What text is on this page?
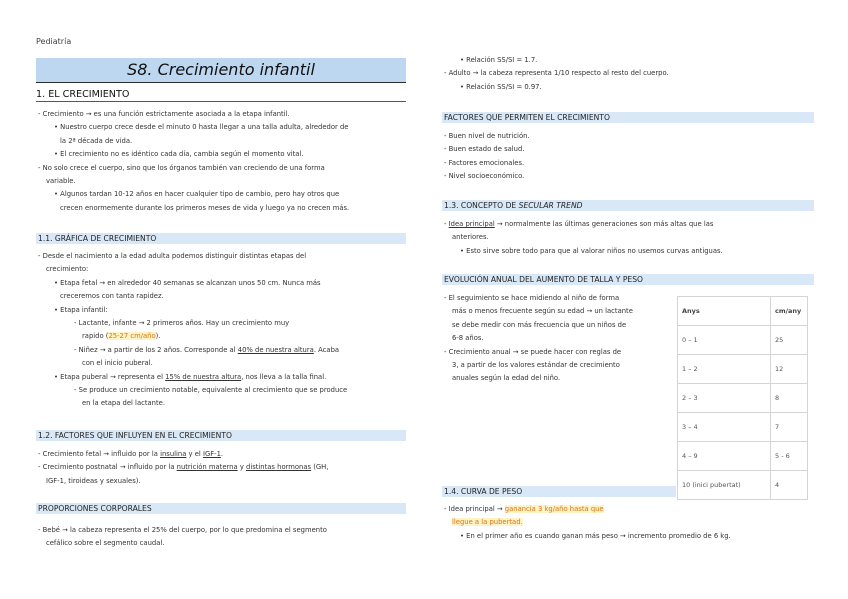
Pediatría
S8. Crecimiento infantil
1. EL CRECIMIENTO
- Crecimiento → es una función estrictamente asociada a la etapa infantil.
• Nuestro cuerpo crece desde el minuto 0 hasta llegar a una talla adulta, alrededor de
la 2ª década de vida.
• El crecimiento no es idéntico cada día, cambia según el momento vital.
- No solo crece el cuerpo, sino que los órganos también van creciendo de una forma
variable.
• Algunos tardan 10-12 años en hacer cualquier tipo de cambio, pero hay otros que
crecen enormemente durante los primeros meses de vida y luego ya no crecen más.
1.1. GRÁFICA DE CRECIMIENTO
- Desde el nacimiento a la edad adulta podemos distinguir distintas etapas del
crecimiento:
• Etapa fetal → en alrededor 40 semanas se alcanzan unos 50 cm. Nunca más
creceremos con tanta rapidez.
• Etapa infantil:
- Lactante, infante → 2 primeros años. Hay un crecimiento muy
rapido (25-27 cm/año).
- Niñez → a partir de los 2 años. Corresponde al 40% de nuestra altura. Acaba
con el inicio puberal.
• Etapa puberal → representa el 15% de nuestra altura, nos lleva a la talla final.
- Se produce un crecimiento notable, equivalente al crecimiento que se produce
en la etapa del lactante.
1.2. FACTORES QUE INFLUYEN EN EL CRECIMIENTO
- Crecimiento fetal → influido por la insulina y el IGF-1.
- Crecimiento postnatal → influido por la nutrición materna y distintas hormonas (GH,
IGF-1, tiroideas y sexuales).
PROPORCIONES CORPORALES
- Bebé → la cabeza representa el 25% del cuerpo, por lo que predomina el segmento
cefálico sobre el segmento caudal.
• Relación SS/SI = 1.7.
- Adulto → la cabeza representa 1/10 respecto al resto del cuerpo.
• Relación SS/SI = 0.97.
FACTORES QUE PERMITEN EL CRECIMIENTO
- Buen nivel de nutrición.
- Buen estado de salud.
- Factores emocionales.
- Nivel socioeconómico.
1.3. CONCEPTO DE SECULAR TREND
- Idea principal → normalmente las últimas generaciones son más altas que las
anteriores.
• Esto sirve sobre todo para que al valorar niños no usemos curvas antiguas.
EVOLUCIÓN ANUAL DEL AUMENTO DE TALLA Y PESO
- El seguimiento se hace midiendo al niño de forma
más o menos frecuente según su edad → un lactante
se debe medir con más frecuencia que un niños de
6-8 años.
- Crecimiento anual → se puede hacer con reglas de
3, a partir de los valores estándar de crecimiento
anuales según la edad del niño.
Anys	cm/any
0 – 1	25
1 – 2	12
2 – 3	8
3 – 4	7
4 – 9	5 - 6
10 (inici pubertat)	4
1.4. CURVA DE PESO
- Idea principal → ganancia 3 kg/año hasta que
llegue a la pubertad.
• En el primer año es cuando ganan más peso → incremento promedio de 6 kg.
